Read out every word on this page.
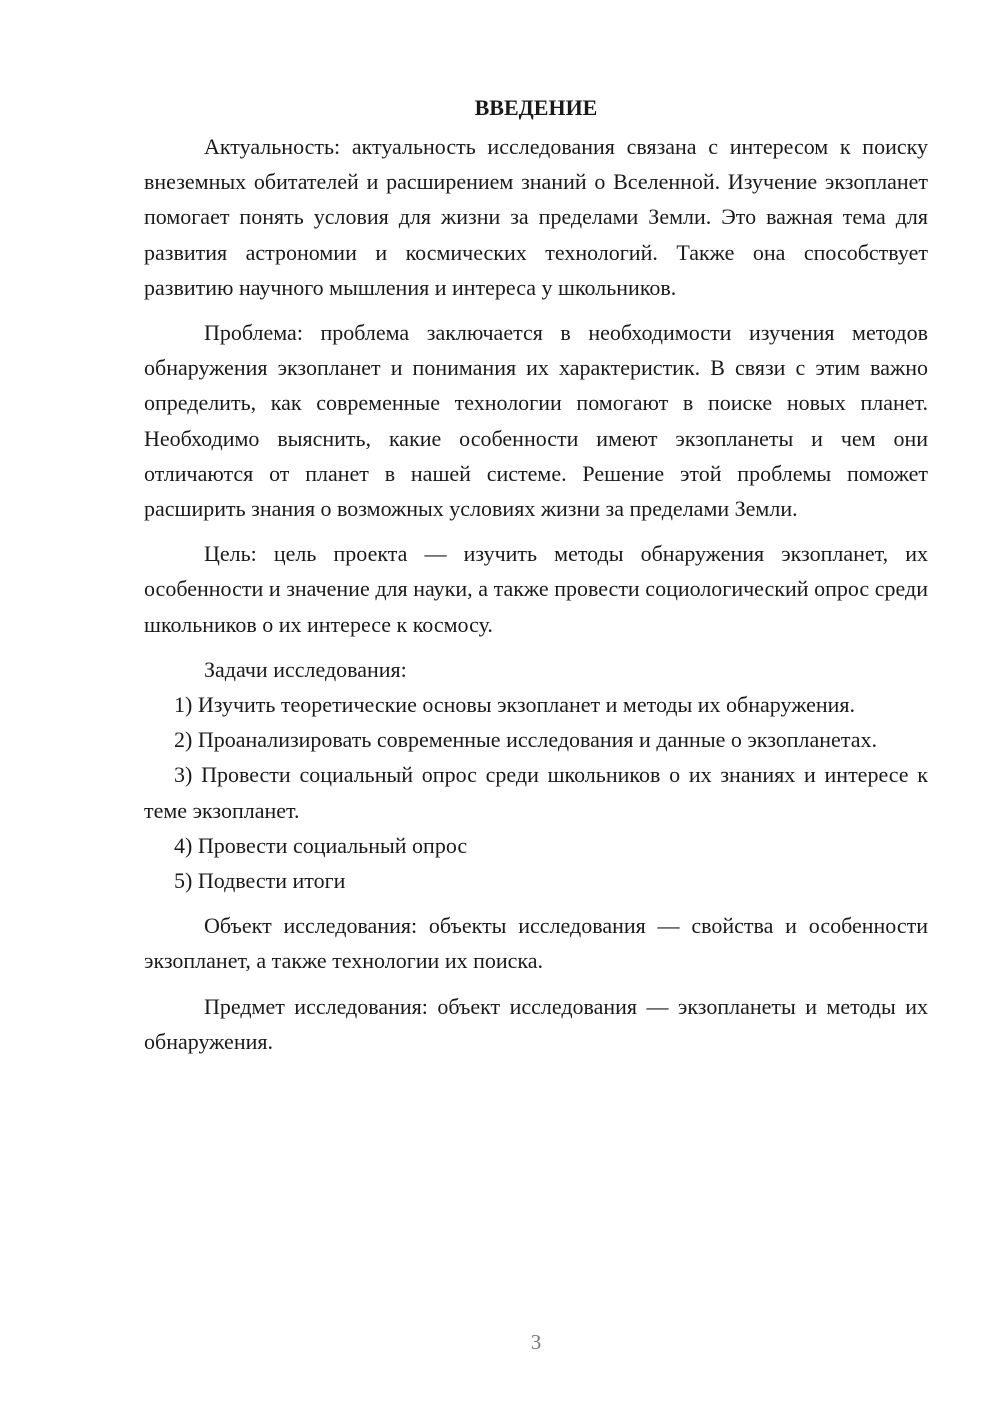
ВВЕДЕНИЕ

Актуальность: актуальность исследования связана с интересом к поиску внеземных обитателей и расширением знаний о Вселенной. Изучение экзопланет помогает понять условия для жизни за пределами Земли. Это важная тема для развития астрономии и космических технологий. Также она способствует развитию научного мышления и интереса у школьников.

Проблема: проблема заключается в необходимости изучения методов обнаружения экзопланет и понимания их характеристик. В связи с этим важно определить, как современные технологии помогают в поиске новых планет. Необходимо выяснить, какие особенности имеют экзопланеты и чем они отличаются от планет в нашей системе. Решение этой проблемы поможет расширить знания о возможных условиях жизни за пределами Земли.

Цель: цель проекта — изучить методы обнаружения экзопланет, их особенности и значение для науки, а также провести социологический опрос среди школьников о их интересе к космосу.

Задачи исследования:

1) Изучить теоретические основы экзопланет и методы их обнаружения.

2) Проанализировать современные исследования и данные о экзопланетах.

3) Провести социальный опрос среди школьников о их знаниях и интересе к теме экзопланет.

4) Провести социальный опрос

5) Подвести итоги

Объект исследования: объекты исследования — свойства и особенности экзопланет, а также технологии их поиска.

Предмет исследования: объект исследования — экзопланеты и методы их обнаружения.

3
